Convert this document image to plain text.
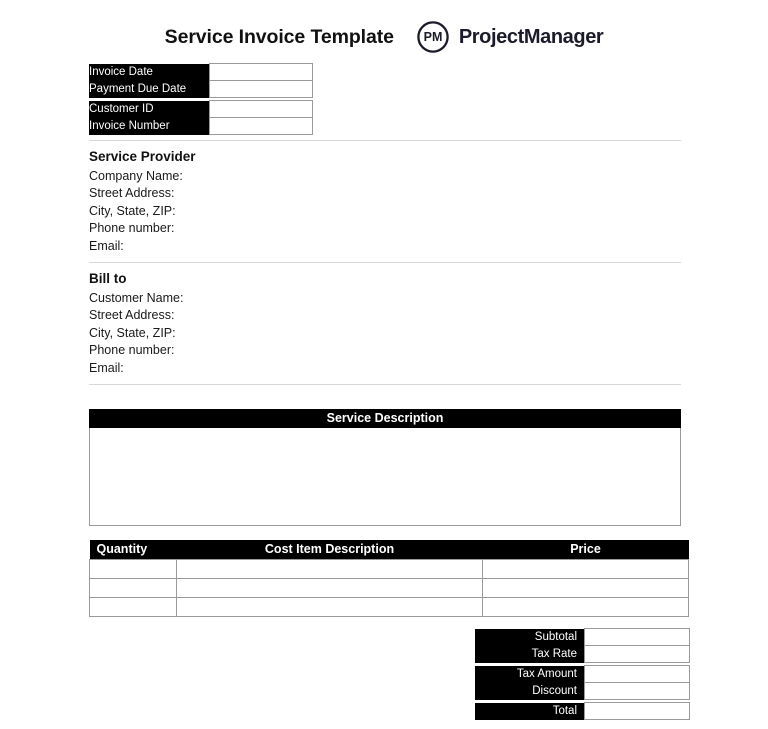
Service Invoice Template PM ProjectManager
Invoice Date	
Payment Due Date	

Customer ID	
Invoice Number	
Service Provider
Company Name:
Street Address:
City, State, ZIP:
Phone number:
Email:
Bill to
Customer Name:
Street Address:
City, State, ZIP:
Phone number:
Email:
Service Description
Quantity	Cost Item Description	Price

Subtotal	
Tax Rate	

Tax Amount	
Discount	

Total	
